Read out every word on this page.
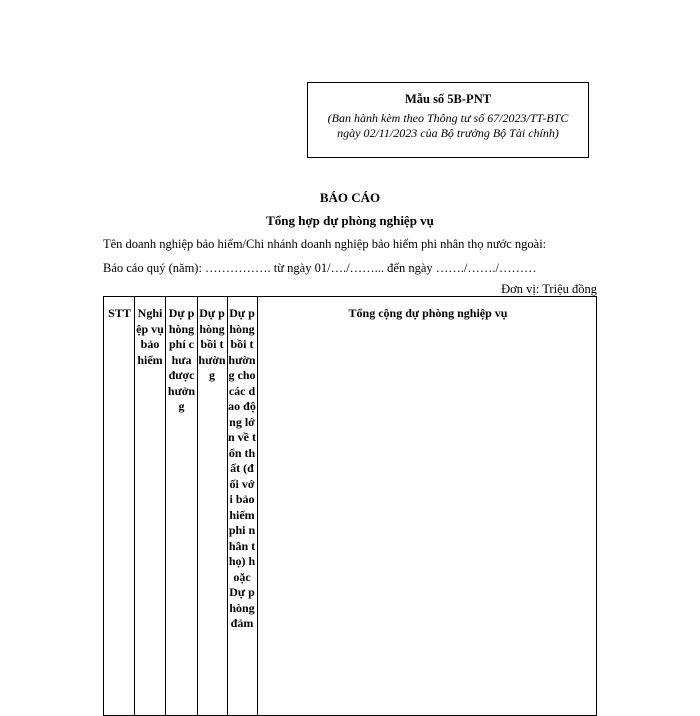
Mẫu số 5B-PNT
(Ban hành kèm theo Thông tư số 67/2023/TT-BTC ngày 02/11/2023 của Bộ trưởng Bộ Tài chính)
BÁO CÁO
Tổng hợp dự phòng nghiệp vụ
Tên doanh nghiệp bảo hiểm/Chi nhánh doanh nghiệp bảo hiểm phi nhân thọ nước ngoài:
Báo cáo quý (năm): ……………. từ ngày 01/…./……... đến ngày ……./……./………
Đơn vị: Triệu đồng
STT Nghiệp vụ bảo hiểm
Dự phòng phí chưa được hưởng
Dự phòng bồi thường
Dự phòng bồi thường cho các dao động lớn về tổn thất (đối với bảo hiểm phi nhân thọ) hoặc Dự phòng đảm
Tổng cộng dự phòng nghiệp vụ
